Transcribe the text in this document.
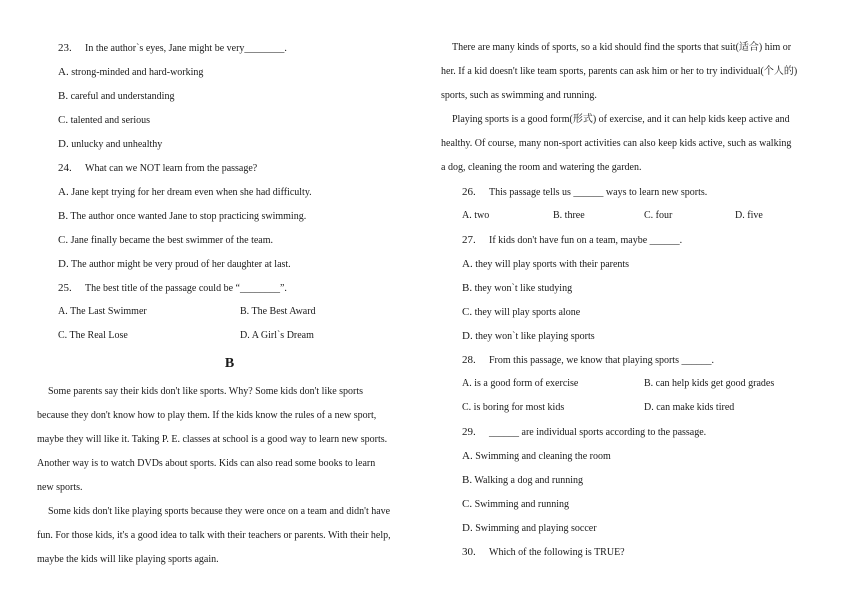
23. In the author`s eyes, Jane might be very________.
A. strong-minded and hard-working
B. careful and understanding
C. talented and serious
D. unlucky and unhealthy
24. What can we NOT learn from the passage?
A. Jane kept trying for her dream even when she had difficulty.
B. The author once wanted Jane to stop practicing swimming.
C. Jane finally became the best swimmer of the team.
D. The author might be very proud of her daughter at last.
25. The best title of the passage could be “________”.
A. The Last Swimmer	B. The Best Award
C. The Real Lose	D. A Girl`s Dream
B
Some parents say their kids don't like sports. Why? Some kids don't like sports
because they don't know how to play them. If the kids know the rules of a new sport,
maybe they will like it. Taking P. E. classes at school is a good way to learn new sports.
Another way is to watch DVDs about sports. Kids can also read some books to learn
new sports.
Some kids don't like playing sports because they were once on a team and didn't have
fun. For those kids, it's a good idea to talk with their teachers or parents. With their help,
maybe the kids will like playing sports again.
There are many kinds of sports, so a kid should find the sports that suit(适合) him or
her. If a kid doesn't like team sports, parents can ask him or her to try individual(个人的)
sports, such as swimming and running.
Playing sports is a good form(形式) of exercise, and it can help kids keep active and
healthy. Of course, many non-sport activities can also keep kids active, such as walking
a dog, cleaning the room and watering the garden.
26. This passage tells us ______ ways to learn new sports.
A. two	B. three	C. four	D. five
27. If kids don't have fun on a team, maybe ______.
A. they will play sports with their parents
B. they won`t like studying
C. they will play sports alone
D. they won`t like playing sports
28. From this passage, we know that playing sports ______.
A. is a good form of exercise	B. can help kids get good grades
C. is boring for most kids	D. can make kids tired
29. ______ are individual sports according to the passage.
A. Swimming and cleaning the room
B. Walking a dog and running
C. Swimming and running
D. Swimming and playing soccer
30. Which of the following is TRUE?
